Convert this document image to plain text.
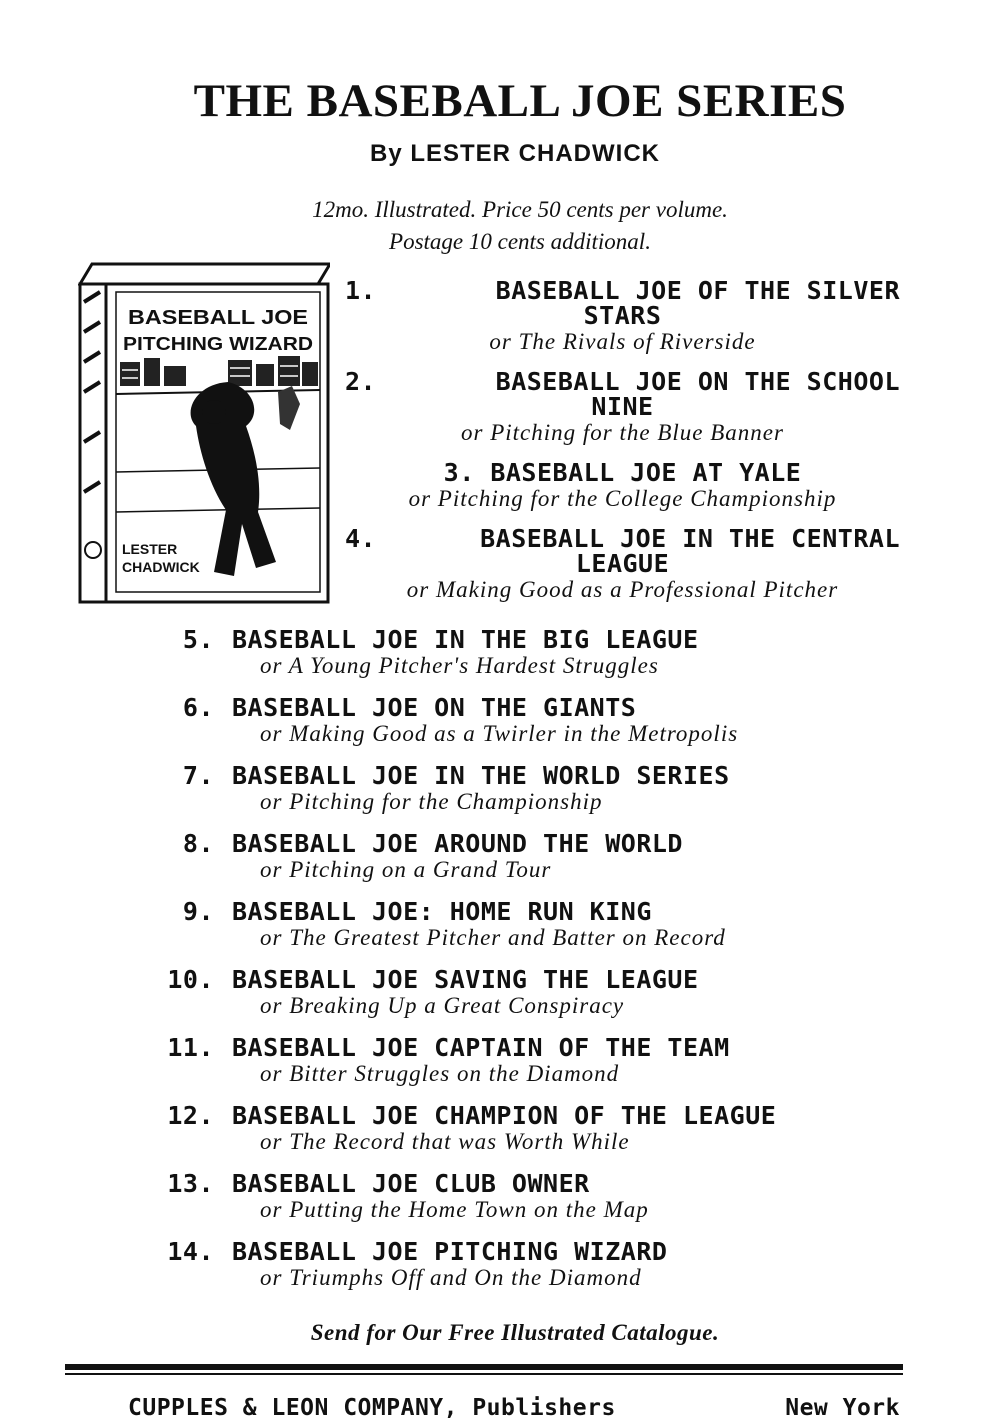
THE BASEBALL JOE SERIES
By LESTER CHADWICK
12mo. Illustrated. Price 50 cents per volume.
Postage 10 cents additional.
BASEBALL JOE
PITCHING WIZARD
LESTER
CHADWICK
1.	BASEBALL JOE OF THE SILVER
STARS
or The Rivals of Riverside
2.	BASEBALL JOE ON THE SCHOOL
NINE
or Pitching for the Blue Banner
3. BASEBALL JOE AT YALE
or Pitching for the College Championship
4.	BASEBALL JOE IN THE CENTRAL
LEAGUE
or Making Good as a Professional Pitcher
5. BASEBALL JOE IN THE BIG LEAGUE
or A Young Pitcher's Hardest Struggles
6. BASEBALL JOE ON THE GIANTS
or Making Good as a Twirler in the Metropolis
7. BASEBALL JOE IN THE WORLD SERIES
or Pitching for the Championship
8. BASEBALL JOE AROUND THE WORLD
or Pitching on a Grand Tour
9. BASEBALL JOE: HOME RUN KING
or The Greatest Pitcher and Batter on Record
10. BASEBALL JOE SAVING THE LEAGUE
or Breaking Up a Great Conspiracy
11. BASEBALL JOE CAPTAIN OF THE TEAM
or Bitter Struggles on the Diamond
12. BASEBALL JOE CHAMPION OF THE LEAGUE
or The Record that was Worth While
13. BASEBALL JOE CLUB OWNER
or Putting the Home Town on the Map
14. BASEBALL JOE PITCHING WIZARD
or Triumphs Off and On the Diamond
Send for Our Free Illustrated Catalogue.
CUPPLES & LEON COMPANY, Publishers	New York
